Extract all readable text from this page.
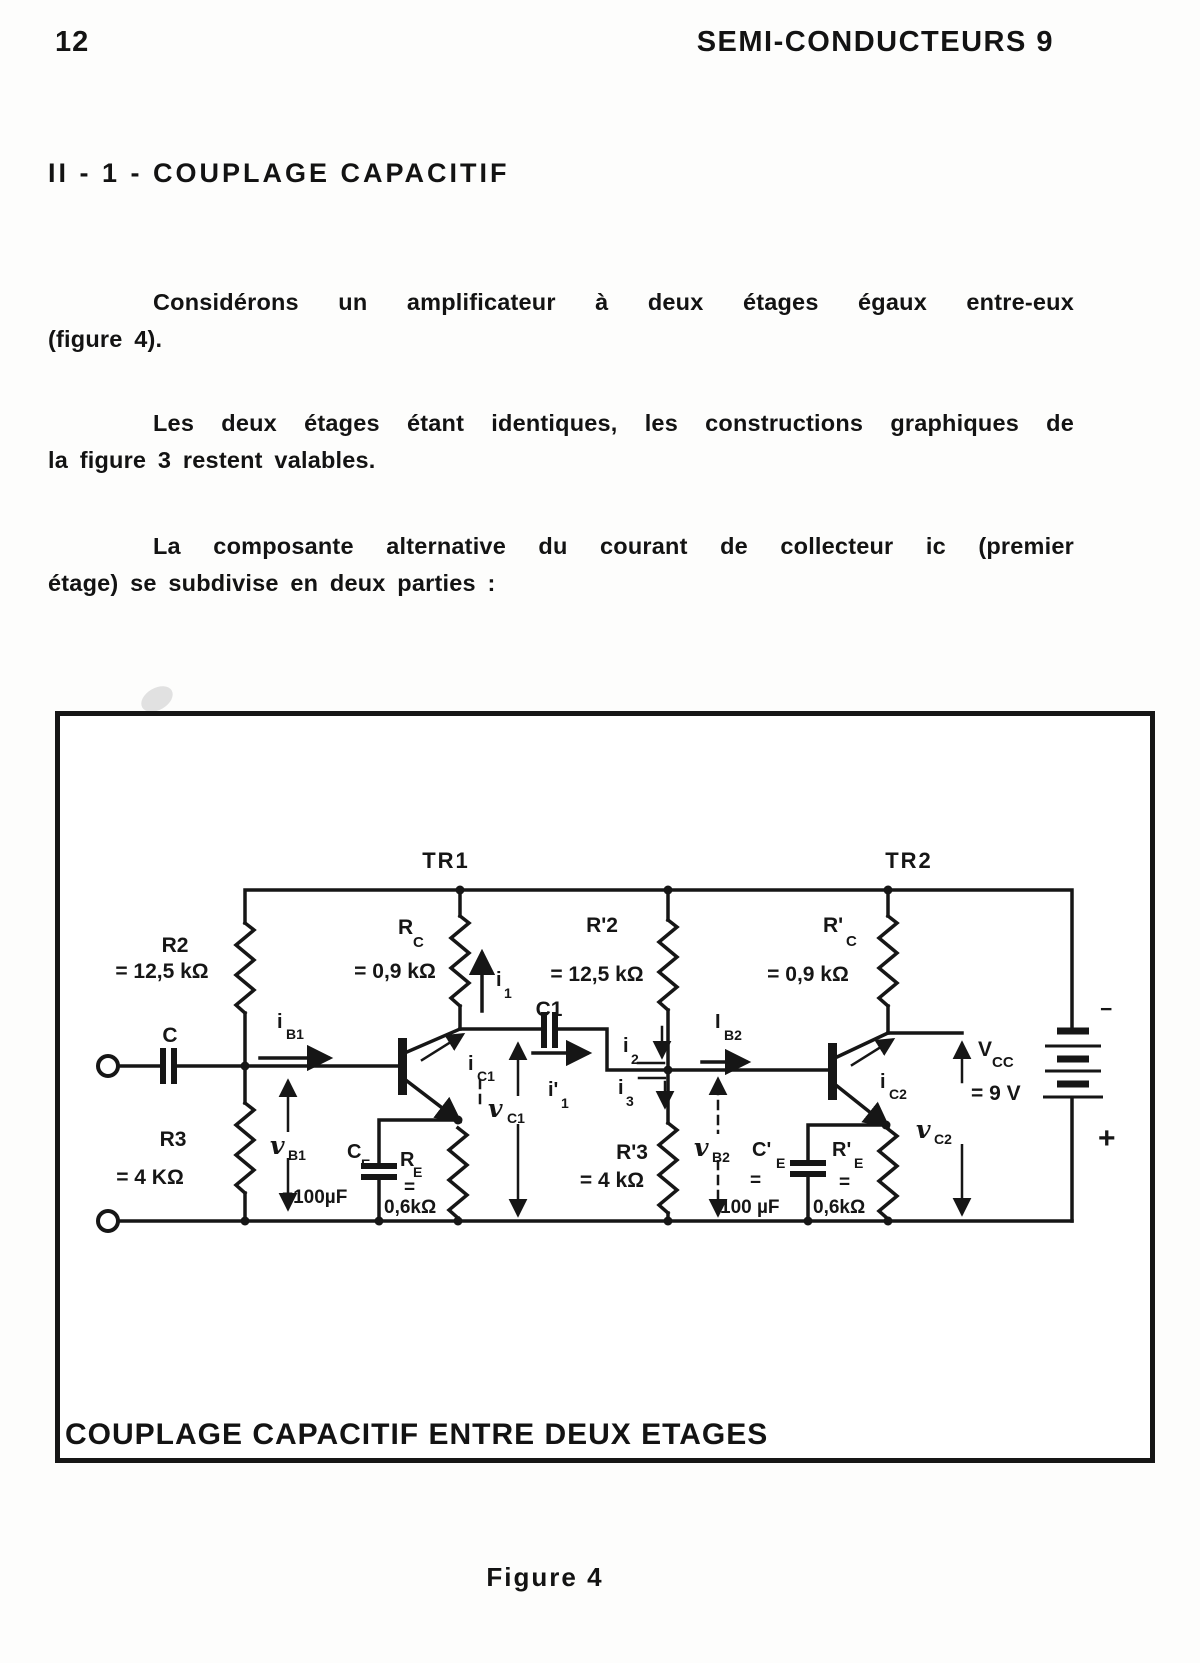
12	SEMI-CONDUCTEURS 9
II - 1 - COUPLAGE CAPACITIF
Considérons un amplificateur à deux étages égaux entre-eux
(figure 4).
Les deux étages étant identiques, les constructions graphiques de
la figure 3 restent valables.
La composante alternative du courant de collecteur ic (premier
étage) se subdivise en deux parties :
TR1	TR2
R2
= 12,5 kΩ
R3
= 4 KΩ
RC
= 0,9 kΩ
R'2
= 12,5 kΩ
R'C
= 0,9 kΩ
C
C1
R'3
= 4 kΩ
iB1
IB2
i1
iC1
i'1
i2
i3
iC2
v B1
v C1
v B2
v C2
VCC
= 9 V
CE
=100µF
R E
=
0,6kΩ
C'E
=
100 µF
R'E
=
0,6kΩ
−
+
COUPLAGE CAPACITIF ENTRE DEUX ETAGES
Figure 4
